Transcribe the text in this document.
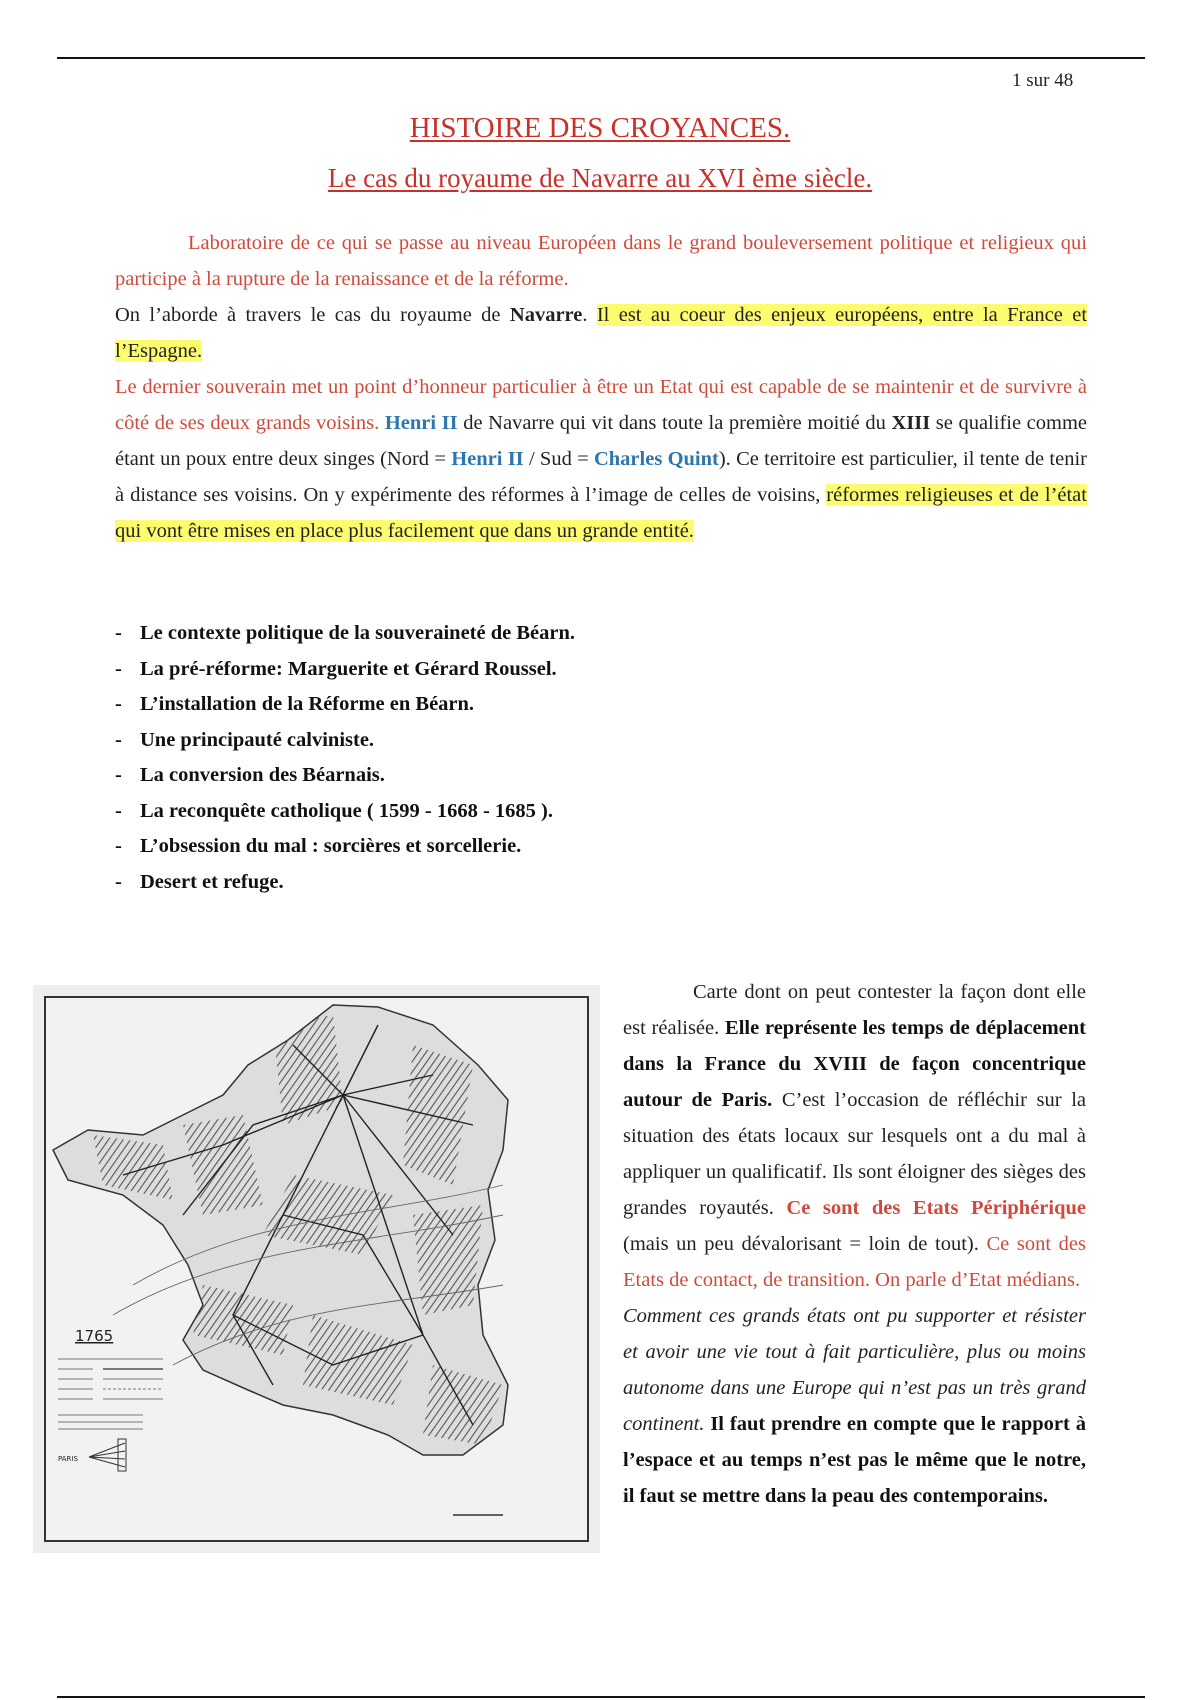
1 sur 48
HISTOIRE DES CROYANCES.
Le cas du royaume de Navarre au XVI ème siècle.

Laboratoire de ce qui se passe au niveau Européen dans le grand bouleversement politique et religieux qui participe à la rupture de la renaissance et de la réforme.

On l’aborde à travers le cas du royaume de Navarre. Il est au coeur des enjeux européens, entre la France et l’Espagne.

Le dernier souverain met un point d’honneur particulier à être un Etat qui est capable de se maintenir et de survivre à côté de ses deux grands voisins. Henri II de Navarre qui vit dans toute la première moitié du XIII se qualifie comme étant un poux entre deux singes (Nord = Henri II / Sud = Charles Quint). Ce territoire est particulier, il tente de tenir à distance ses voisins. On y expérimente des réformes à l’image de celles de voisins, réformes religieuses et de l’état qui vont être mises en place plus facilement que dans un grande entité.

- Le contexte politique de la souveraineté de Béarn.
- La pré-réforme: Marguerite et Gérard Roussel.
- L’installation de la Réforme en Béarn.
- Une principauté calviniste.
- La conversion des Béarnais.
- La reconquête catholique ( 1599 - 1668 - 1685 ).
- L’obsession du mal : sorcières et sorcellerie.
- Desert et refuge.
1765
PARIS

Carte dont on peut contester la façon dont elle est réalisée. Elle représente les temps de déplacement dans la France du XVIII de façon concentrique autour de Paris. C’est l’occasion de réfléchir sur la situation des états locaux sur lesquels ont a du mal à appliquer un qualificatif. Ils sont éloigner des sièges des grandes royautés. Ce sont des Etats Périphérique (mais un peu dévalorisant = loin de tout). Ce sont des Etats de contact, de transition. On parle d’Etat médians.

Comment ces grands états ont pu supporter et résister et avoir une vie tout à fait particulière, plus ou moins autonome dans une Europe qui n’est pas un très grand continent. Il faut prendre en compte que le rapport à l’espace et au temps n’est pas le même que le notre, il faut se mettre dans la peau des contemporains.
